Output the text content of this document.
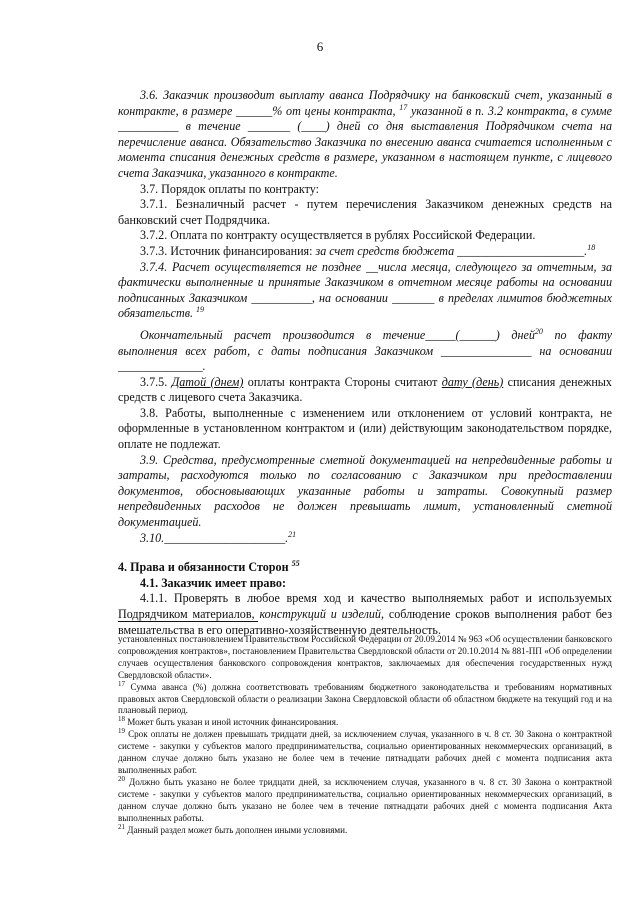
6

3.6. Заказчик производит выплату аванса Подрядчику на банковский счет, указанный в контракте, в размере ______% от цены контракта, $^{17}$ указанной в п. 3.2 контракта, в сумме __________ в течение _______ (____) дней со дня выставления Подрядчиком счета на перечисление аванса. Обязательство Заказчика по внесению аванса считается исполненным с момента списания денежных средств в размере, указанном в настоящем пункте, с лицевого счета Заказчика, указанного в контракте.

3.7. Порядок оплаты по контракту:

3.7.1. Безналичный расчет - путем перечисления Заказчиком денежных средств на банковский счет Подрядчика.

3.7.2. Оплата по контракту осуществляется в рублях Российской Федерации.

3.7.3. Источник финансирования: за счет средств бюджета _____________________.$^{18}$

3.7.4. Расчет осуществляется не позднее __числа месяца, следующего за отчетным, за фактически выполненные и принятые Заказчиком в отчетном месяце работы на основании подписанных Заказчиком __________, на основании _______ в пределах лимитов бюджетных обязательств. $^{19}$

Окончательный расчет производится в течение_____(______) дней$^{20}$ по факту выполнения всех работ, с даты подписания Заказчиком _______________ на основании ______________.

3.7.5. Датой (днем) оплаты контракта Стороны считают дату (день) списания денежных средств с лицевого счета Заказчика.

3.8. Работы, выполненные с изменением или отклонением от условий контракта, не оформленные в установленном контрактом и (или) действующим законодательством порядке, оплате не подлежат.

3.9. Средства, предусмотренные сметной документацией на непредвиденные работы и затраты, расходуются только по согласованию с Заказчиком при предоставлении документов, обосновывающих указанные работы и затраты. Совокупный размер непредвиденных расходов не должен превышать лимит, установленный сметной документацией.

3.10.____________________.$^{21}$

4. Права и обязанности Сторон $^{55}$

4.1. Заказчик имеет право:

4.1.1. Проверять в любое время ход и качество выполняемых работ и используемых Подрядчиком материалов, конструкций и изделий, соблюдение сроков выполнения работ без вмешательства в его оперативно-хозяйственную деятельность.

установленных постановлением Правительством Российской Федерации от 20.09.2014 № 963 «Об осуществлении банковского сопровождения контрактов», постановлением Правительства Свердловской области от 20.10.2014 № 881-ПП «Об определении случаев осуществления банковского сопровождения контрактов, заключаемых для обеспечения государственных нужд Свердловской области».

$^{17}$ Сумма аванса (%) должна соответствовать требованиям бюджетного законодательства и требованиям нормативных правовых актов Свердловской области о реализации Закона Свердловской области об областном бюджете на текущий год и на плановый период.

$^{18}$ Может быть указан и иной источник финансирования.

$^{19}$ Срок оплаты не должен превышать тридцати дней, за исключением случая, указанного в ч. 8 ст. 30 Закона о контрактной системе - закупки у субъектов малого предпринимательства, социально ориентированных некоммерческих организаций, в данном случае должно быть указано не более чем в течение пятнадцати рабочих дней с момента подписания акта выполненных работ.

$^{20}$ Должно быть указано не более тридцати дней, за исключением случая, указанного в ч. 8 ст. 30 Закона о контрактной системе - закупки у субъектов малого предпринимательства, социально ориентированных некоммерческих организаций, в данном случае должно быть указано не более чем в течение пятнадцати рабочих дней с момента подписания Акта выполненных работы.

$^{21}$ Данный раздел может быть дополнен иными условиями.
